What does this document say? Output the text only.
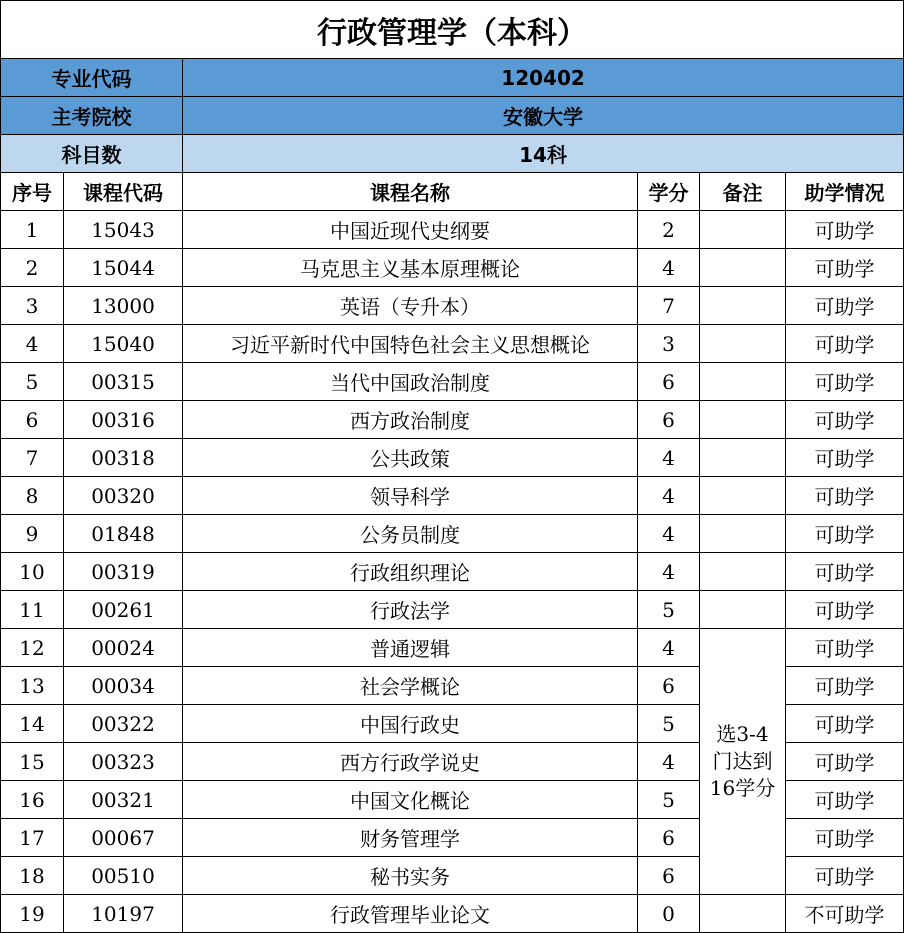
行政管理学（本科）					
专业代码		120402			
主考院校		安徽大学			
科目数		14科			
序号	课程代码	课程名称	学分	备注	助学情况
1	15043	中国近现代史纲要	2		可助学
2	15044	马克思主义基本原理概论	4		可助学
3	13000	英语（专升本）	7		可助学
4	15040	习近平新时代中国特色社会主义思想概论	3		可助学
5	00315	当代中国政治制度	6		可助学
6	00316	西方政治制度	6		可助学
7	00318	公共政策	4		可助学
8	00320	领导科学	4		可助学
9	01848	公务员制度	4		可助学
10	00319	行政组织理论	4		可助学
11	00261	行政法学	5		可助学
12	00024	普通逻辑	4	选3-4门达到16学分	可助学
13	00034	社会学概论	6		可助学
14	00322	中国行政史	5		可助学
15	00323	西方行政学说史	4		可助学
16	00321	中国文化概论	5		可助学
17	00067	财务管理学	6		可助学
18	00510	秘书实务	6		可助学
19	10197	行政管理毕业论文	0		不可助学
